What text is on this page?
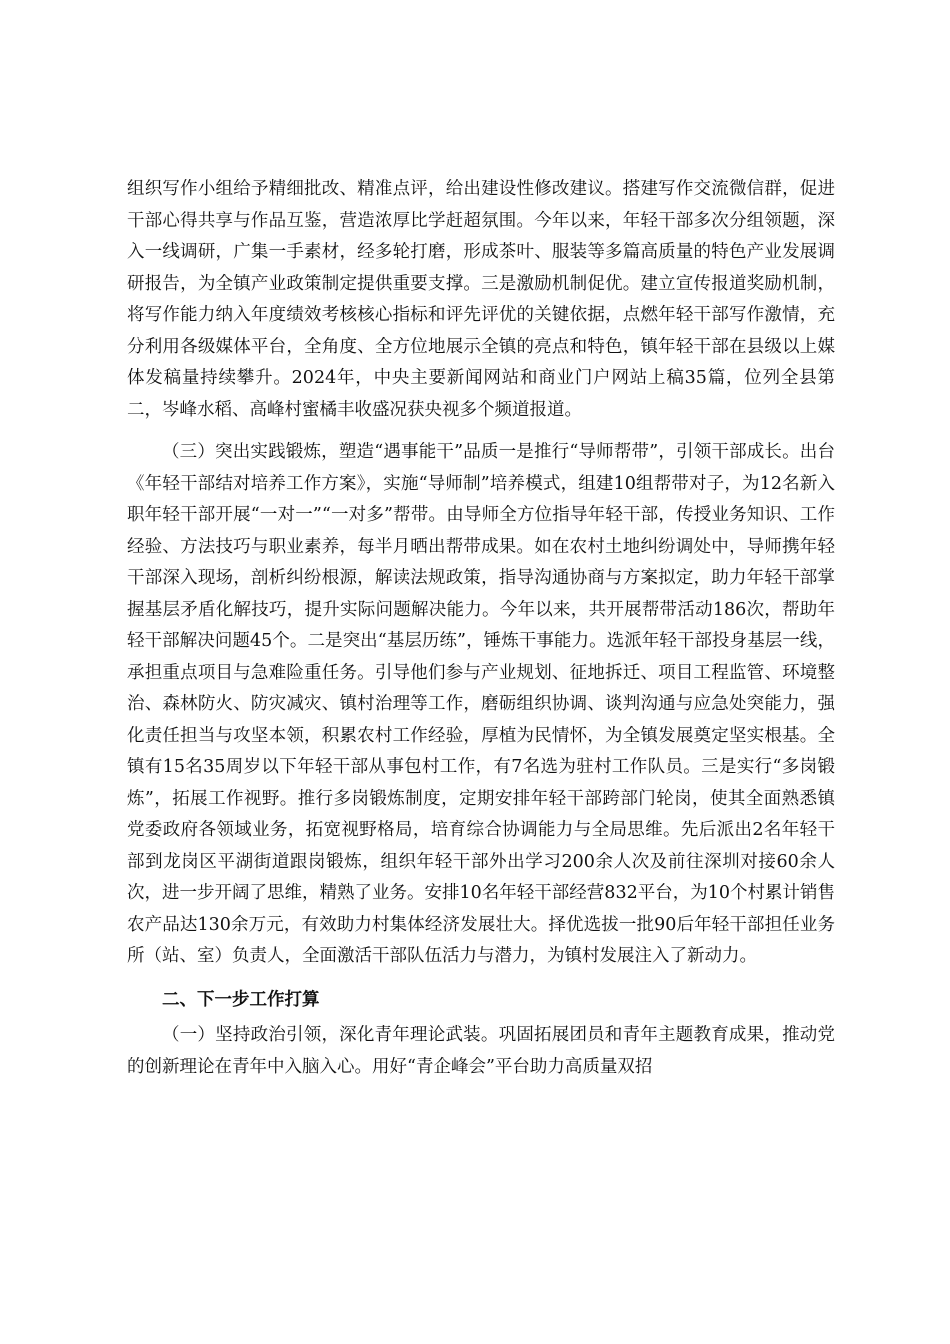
组织写作小组给予精细批改、精准点评，给出建设性修改建议。搭建写作交流微信群，促进干部心得共享与作品互鉴，营造浓厚比学赶超氛围。今年以来，年轻干部多次分组领题，深入一线调研，广集一手素材，经多轮打磨，形成茶叶、服装等多篇高质量的特色产业发展调研报告，为全镇产业政策制定提供重要支撑。三是激励机制促优。建立宣传报道奖励机制，将写作能力纳入年度绩效考核核心指标和评先评优的关键依据，点燃年轻干部写作激情，充分利用各级媒体平台，全角度、全方位地展示全镇的亮点和特色，镇年轻干部在县级以上媒体发稿量持续攀升。2024年，中央主要新闻网站和商业门户网站上稿35篇，位列全县第二，岑峰水稻、高峰村蜜橘丰收盛况获央视多个频道报道。

（三）突出实践锻炼，塑造“遇事能干”品质一是推行“导师帮带”，引领干部成长。出台《年轻干部结对培养工作方案》，实施“导师制”培养模式，组建10组帮带对子，为12名新入职年轻干部开展“一对一”“一对多”帮带。由导师全方位指导年轻干部，传授业务知识、工作经验、方法技巧与职业素养，每半月晒出帮带成果。如在农村土地纠纷调处中，导师携年轻干部深入现场，剖析纠纷根源，解读法规政策，指导沟通协商与方案拟定，助力年轻干部掌握基层矛盾化解技巧，提升实际问题解决能力。今年以来，共开展帮带活动186次，帮助年轻干部解决问题45个。二是突出“基层历练”，锤炼干事能力。选派年轻干部投身基层一线，承担重点项目与急难险重任务。引导他们参与产业规划、征地拆迁、项目工程监管、环境整治、森林防火、防灾减灾、镇村治理等工作，磨砺组织协调、谈判沟通与应急处突能力，强化责任担当与攻坚本领，积累农村工作经验，厚植为民情怀，为全镇发展奠定坚实根基。全镇有15名35周岁以下年轻干部从事包村工作，有7名选为驻村工作队员。三是实行“多岗锻炼”，拓展工作视野。推行多岗锻炼制度，定期安排年轻干部跨部门轮岗，使其全面熟悉镇党委政府各领域业务，拓宽视野格局，培育综合协调能力与全局思维。先后派出2名年轻干部到龙岗区平湖街道跟岗锻炼，组织年轻干部外出学习200余人次及前往深圳对接60余人次，进一步开阔了思维，精熟了业务。安排10名年轻干部经营832平台，为10个村累计销售农产品达130余万元，有效助力村集体经济发展壮大。择优选拔一批90后年轻干部担任业务所（站、室）负责人，全面激活干部队伍活力与潜力，为镇村发展注入了新动力。

二、下一步工作打算

（一）坚持政治引领，深化青年理论武装。巩固拓展团员和青年主题教育成果，推动党的创新理论在青年中入脑入心。用好“青企峰会”平台助力高质量双招
